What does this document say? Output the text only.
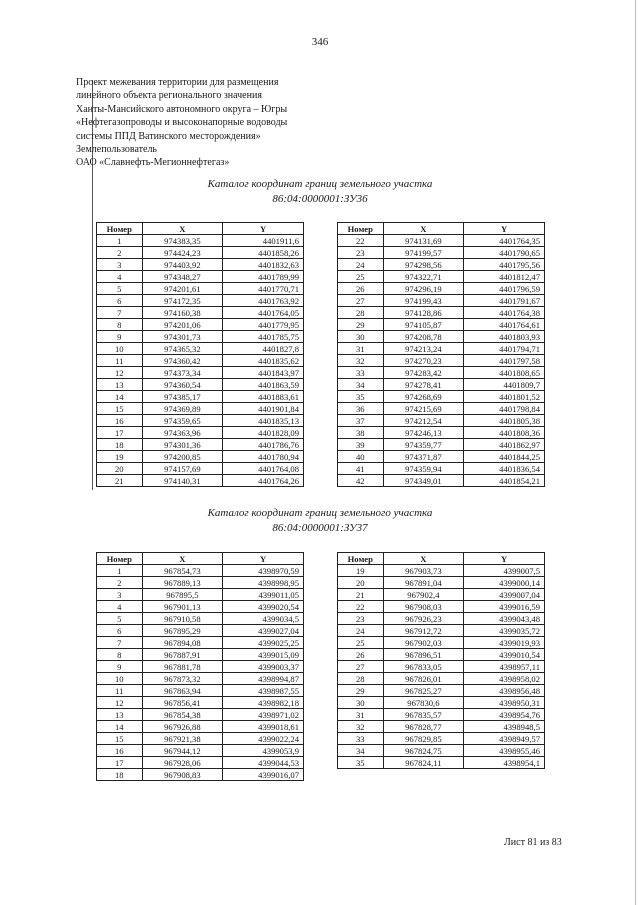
346
Проект межевания территории для размещения
линейного объекта регионального значения
Ханты-Мансийского автономного округа – Югры
«Нефтегазопроводы и высоконапорные водоводы
системы ППД Ватинского месторождения»
Землепользователь
ОАО «Славнефть-Мегионнефтегаз»
Каталог координат границ земельного участка
86:04:0000001:ЗУ36
Номер	X	Y
1	974383,35	4401911,6
2	974424,23	4401858,26
3	974403,92	4401832,63
4	974348,27	4401789,99
5	974201,61	4401770,71
6	974172,35	4401763,92
7	974160,38	4401764,05
8	974201,06	4401779,95
9	974301,73	4401785,75
10	974365,32	4401827,8
11	974360,42	4401835,62
12	974373,34	4401843,97
13	974360,54	4401863,59
14	974385,17	4401883,61
15	974369,89	4401901,84
16	974359,65	4401835,13
17	974363,96	4401828,09
18	974301,36	4401786,76
19	974200,85	4401780,94
20	974157,69	4401764,08
21	974140,31	4401764,26
Номер	X	Y
22	974131,69	4401764,35
23	974199,57	4401790,65
24	974298,56	4401795,56
25	974322,71	4401812,47
26	974296,19	4401796,59
27	974199,43	4401791,67
28	974128,86	4401764,38
29	974105,87	4401764,61
30	974208,78	4401803,93
31	974213,24	4401794,71
32	974270,23	4401797,58
33	974283,42	4401808,65
34	974278,41	4401809,7
35	974268,69	4401801,52
36	974215,69	4401798,84
37	974212,54	4401805,38
38	974246,13	4401808,36
39	974359,77	4401862,97
40	974371,87	4401844,25
41	974359,94	4401836,54
42	974349,01	4401854,21
Каталог координат границ земельного участка
86:04:0000001:ЗУ37
Номер	X	Y
1	967854,73	4398970,59
2	967889,13	4398998,95
3	967895,5	4399011,05
4	967901,13	4399020,54
5	967910,58	4399034,5
6	967895,29	4399027,04
7	967894,08	4399025,25
8	967887,91	4399015,09
9	967881,78	4399003,37
10	967873,32	4398994,87
11	967863,94	4398987,55
12	967856,41	4398982,18
13	967854,38	4398971,02
14	967926,88	4399018,61
15	967921,38	4399022,24
16	967944,12	4399053,9
17	967928,06	4399044,53
18	967908,83	4399016,07
Номер	X	Y
19	967903,73	4399007,5
20	967891,04	4399000,14
21	967902,4	4399007,04
22	967908,03	4399016,59
23	967926,23	4399043,48
24	967912,72	4399035,72
25	967902,03	4399019,93
26	967896,51	4399010,54
27	967833,05	4398957,11
28	967826,01	4398958,02
29	967825,27	4398956,48
30	967830,6	4398950,31
31	967835,57	4398954,76
32	967828,77	4398948,5
33	967829,85	4398949,57
34	967824,75	4398955,46
35	967824,11	4398954,1
Лист 81 из 83
